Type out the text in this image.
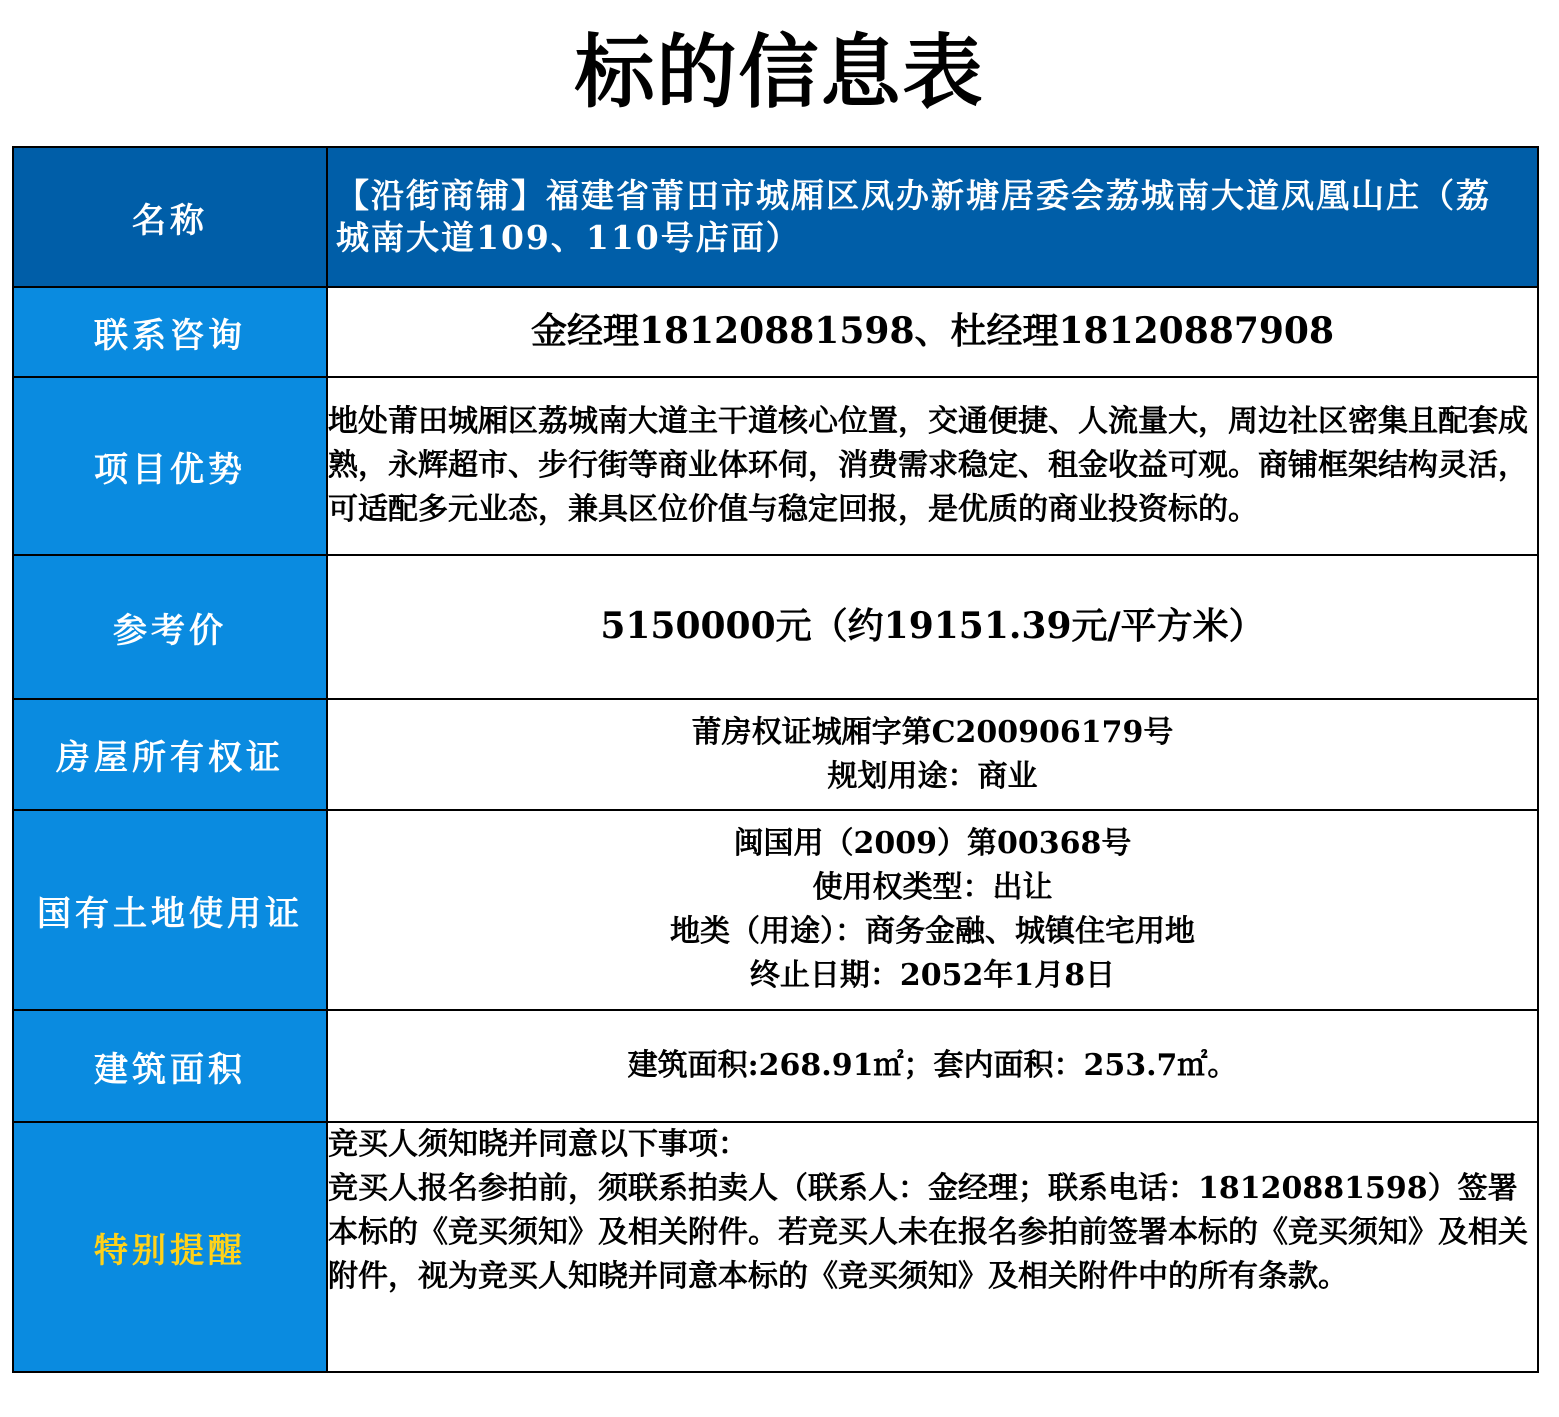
标的信息表
名称	【沿街商铺】福建省莆田市城厢区凤办新塘居委会荔城南大道凤凰山庄（荔城南大道109、110号店面）
联系咨询	金经理18120881598、杜经理18120887908
项目优势	地处莆田城厢区荔城南大道主干道核心位置，交通便捷、人流量大，周边社区密集且配套成熟，永辉超市、步行街等商业体环伺，消费需求稳定、租金收益可观。商铺框架结构灵活，可适配多元业态，兼具区位价值与稳定回报，是优质的商业投资标的。
参考价	5150000元（约19151.39元/平方米）
房屋所有权证	莆房权证城厢字第C200906179号
规划用途：商业

国有土地使用证	闽国用（2009）第00368号
使用权类型：出让
地类（用途）：商务金融、城镇住宅用地
终止日期：2052年1月8日

建筑面积	建筑面积:268.91㎡；套内面积：253.7㎡。
特别提醒	竞买人须知晓并同意以下事项：
竞买人报名参拍前，须联系拍卖人（联系人：金经理；联系电话：18120881598）签署本标的《竞买须知》及相关附件。若竞买人未在报名参拍前签署本标的《竞买须知》及相关附件，视为竞买人知晓并同意本标的《竞买须知》及相关附件中的所有条款。
